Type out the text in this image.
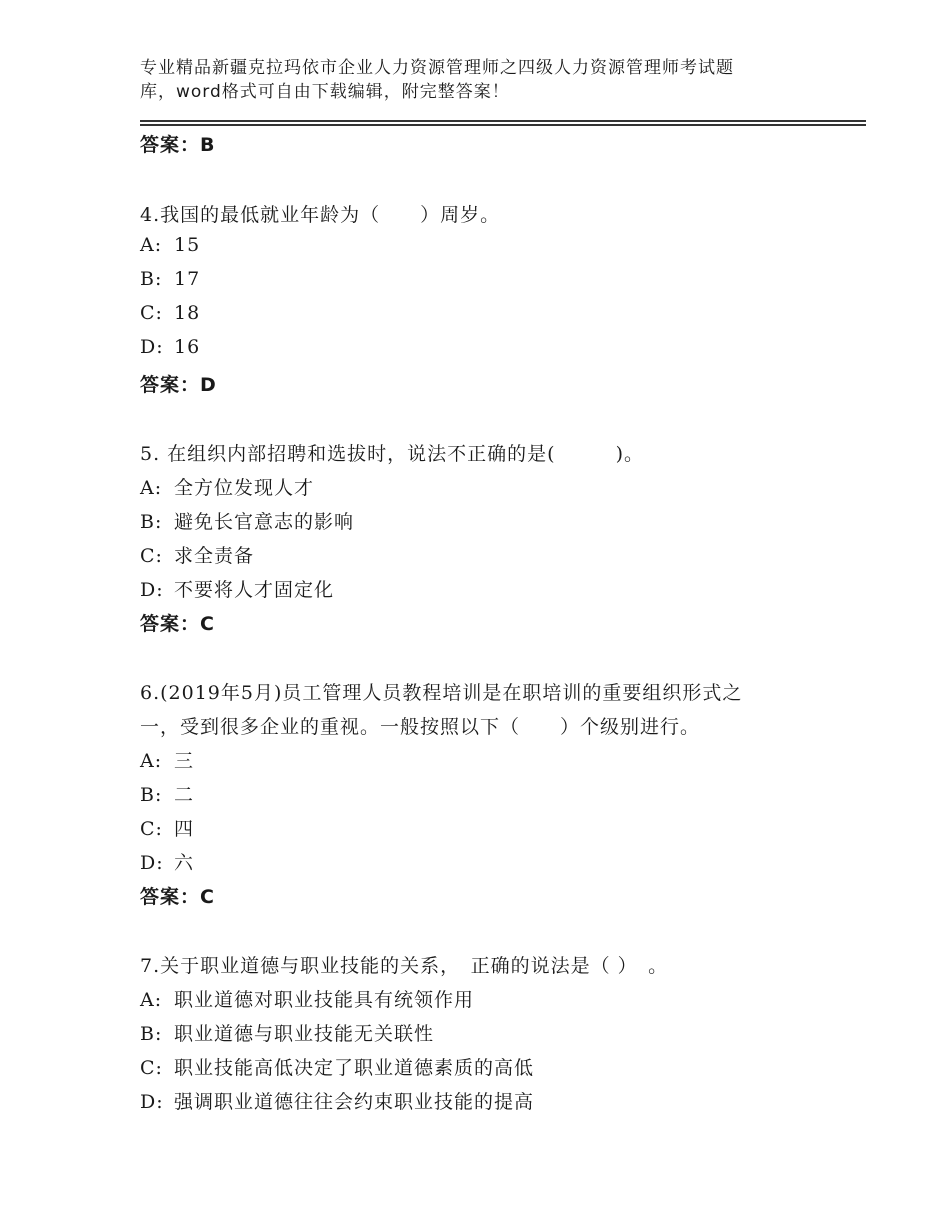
专业精品新疆克拉玛依市企业人力资源管理师之四级人力资源管理师考试题
库，word格式可自由下载编辑，附完整答案！
答案：B
4.我国的最低就业年龄为（　　）周岁。
A: 15
B: 17
C: 18
D: 16
答案：D
5. 在组织内部招聘和选拔时，说法不正确的是(　　　)。
A: 全方位发现人才
B: 避免长官意志的影响
C: 求全责备
D: 不要将人才固定化
答案：C
6.(2019年5月)员工管理人员教程培训是在职培训的重要组织形式之
一，受到很多企业的重视。一般按照以下（　　）个级别进行。
A: 三
B: 二
C: 四
D: 六
答案：C
7.关于职业道德与职业技能的关系，　正确的说法是（ ）　。
A: 职业道德对职业技能具有统领作用
B: 职业道德与职业技能无关联性
C: 职业技能高低决定了职业道德素质的高低
D: 强调职业道德往往会约束职业技能的提高
